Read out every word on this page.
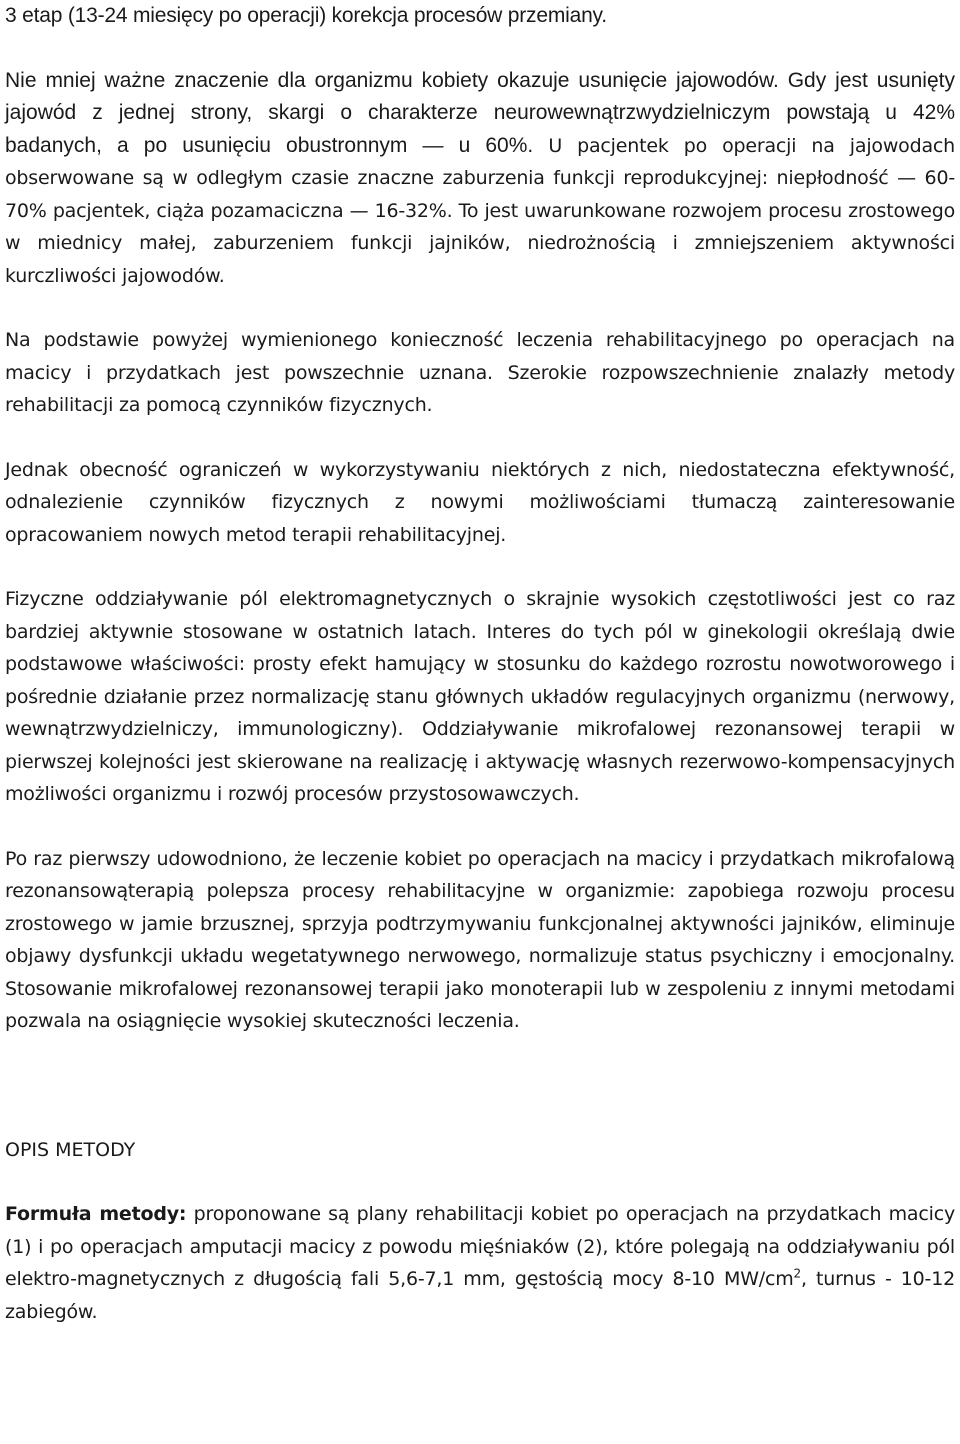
3 etap (13-24 miesięcy po operacji) korekcja procesów przemiany.

Nie mniej ważne znaczenie dla organizmu kobiety okazuje usunięcie jajowodów. Gdy jest usunięty jajowód z jednej strony, skargi o charakterze neurowewnątrzwydzielniczym powstają u 42% badanych, a po usunięciu obustronnym — u 60%. U pacjentek po operacji na jajowodach obserwowane są w odległym czasie znaczne zaburzenia funkcji reprodukcyjnej: niepłodność — 60-70% pacjentek, ciąża pozamaciczna — 16-32%. To jest uwarunkowane rozwojem procesu zrostowego w miednicy małej, zaburzeniem funkcji jajników, niedrożnością i zmniejszeniem aktywności kurczliwości jajowodów.

Na podstawie powyżej wymienionego konieczność leczenia rehabilitacyjnego po operacjach na macicy i przydatkach jest powszechnie uznana. Szerokie rozpowszechnienie znalazły metody rehabilitacji za pomocą czynników fizycznych.

Jednak obecność ograniczeń w wykorzystywaniu niektórych z nich, niedostateczna efektywność, odnalezienie czynników fizycznych z nowymi możliwościami tłumaczą zainteresowanie opracowaniem nowych metod terapii rehabilitacyjnej.

Fizyczne oddziaływanie pól elektromagnetycznych o skrajnie wysokich częstotliwości jest co raz bardziej aktywnie stosowane w ostatnich latach. Interes do tych pól w ginekologii określają dwie podstawowe właściwości: prosty efekt hamujący w stosunku do każdego rozrostu nowotworowego i pośrednie działanie przez normalizację stanu głównych układów regulacyjnych organizmu (nerwowy, wewnątrzwydzielniczy, immunologiczny). Oddziaływanie mikrofalowej rezonansowej terapii w pierwszej kolejności jest skierowane na realizację i aktywację własnych rezerwowo-kompensacyjnych możliwości organizmu i rozwój procesów przystosowawczych.

Po raz pierwszy udowodniono, że leczenie kobiet po operacjach na macicy i przydatkach mikrofalową rezonansowąterapią polepsza procesy rehabilitacyjne w organizmie: zapobiega rozwoju procesu zrostowego w jamie brzusznej, sprzyja podtrzymywaniu funkcjonalnej aktywności jajników, eliminuje objawy dysfunkcji układu wegetatywnego nerwowego, normalizuje status psychiczny i emocjonalny. Stosowanie mikrofalowej rezonansowej terapii jako monoterapii lub w zespoleniu z innymi metodami pozwala na osiągnięcie wysokiej skuteczności leczenia.

OPIS METODY

Formuła metody: proponowane są plany rehabilitacji kobiet po operacjach na przydatkach macicy (1) i po operacjach amputacji macicy z powodu mięśniaków (2), które polegają na oddziaływaniu pól elektro-magnetycznych z długością fali 5,6-7,1 mm, gęstością mocy 8-10 $MW/cm^2$, turnus - 10-12 zabiegów.
